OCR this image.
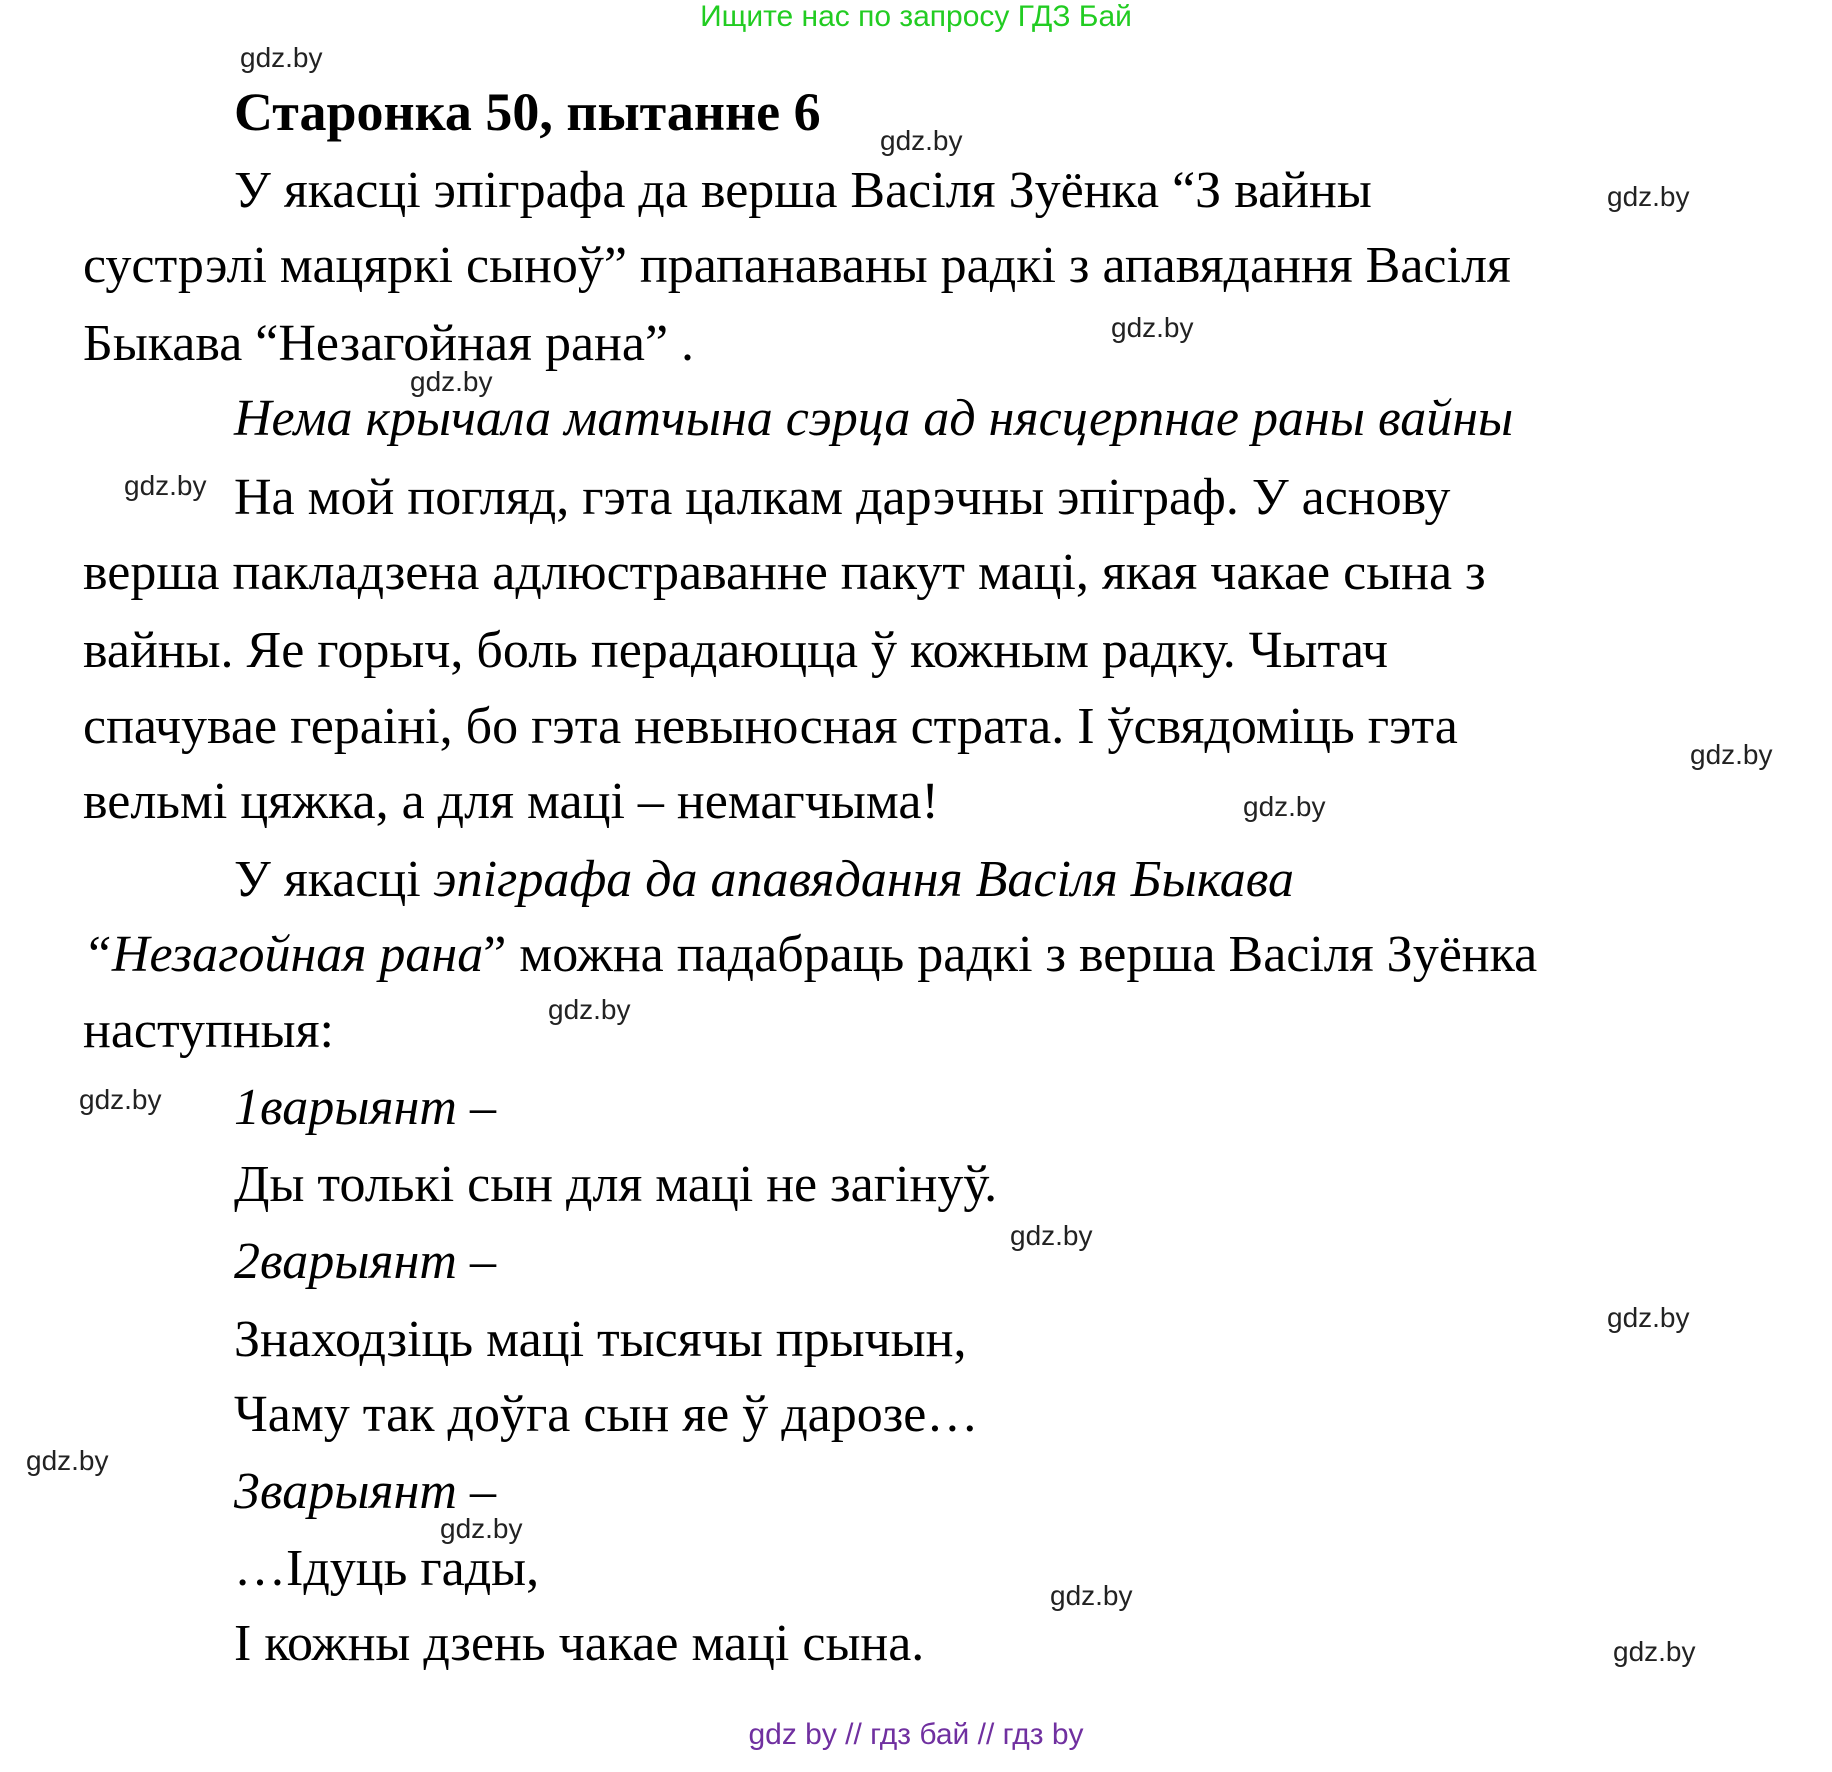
Ищите нас по запросу ГДЗ Бай
Старонка 50, пытанне 6
У якасці эпіграфа да верша Васіля Зуёнка “З вайны
сустрэлі мацяркі сыноў” прапанаваны радкі з апавядання Васіля
Быкава “Незагойная рана” .
Нема крычала матчына сэрца ад нясцерпнае раны вайны
На мой погляд, гэта цалкам дарэчны эпіграф. У аснову
верша пакладзена адлюстраванне пакут маці, якая чакае сына з
вайны. Яе горыч, боль перадаюцца ў кожным радку. Чытач
спачувае гераіні, бо гэта невыносная страта. І ўсвядоміць гэта
вельмі цяжка, а для маці – немагчыма!
У якасці эпіграфа да апавядання Васіля Быкава
“Незагойная рана” можна падабраць радкі з верша Васіля Зуёнка
наступныя:
1варыянт –
Ды толькі сын для маці не загінуў.
2варыянт –
Знаходзіць маці тысячы прычын,
Чаму так доўга сын яе ў дарозе…
3варыянт –
…Ідуць гады,
І кожны дзень чакае маці сына.
gdz.by
gdz.by
gdz.by
gdz.by
gdz.by
gdz.by
gdz.by
gdz.by
gdz.by
gdz.by
gdz.by
gdz.by
gdz.by
gdz.by
gdz.by
gdz.by
gdz by // гдз бай // гдз by
